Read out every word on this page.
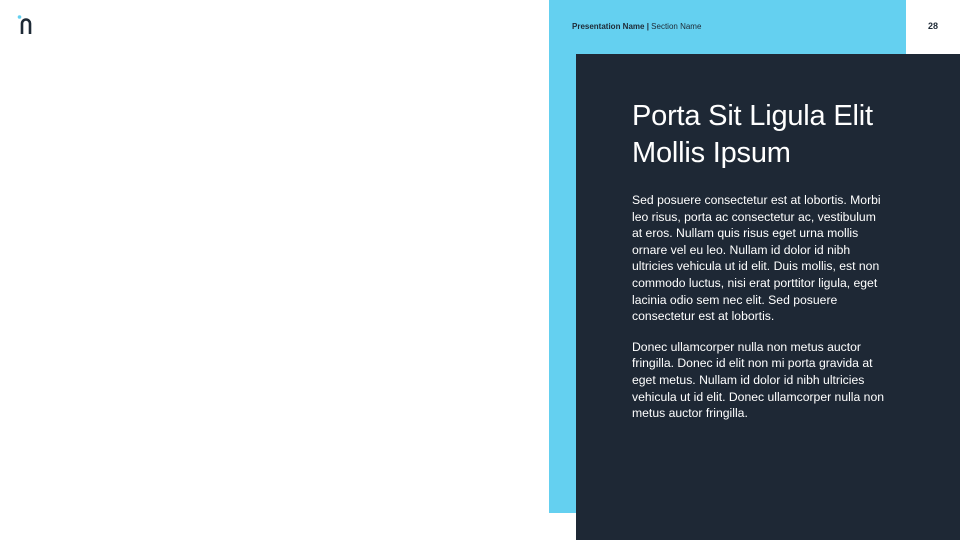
Presentation Name | Section Name	28
Porta Sit Ligula Elit Mollis Ipsum

Sed posuere consectetur est at lobortis. Morbi leo risus, porta ac consectetur ac, vestibulum at eros. Nullam quis risus eget urna mollis ornare vel eu leo. Nullam id dolor id nibh ultricies vehicula ut id elit. Duis mollis, est non commodo luctus, nisi erat porttitor ligula, eget lacinia odio sem nec elit. Sed posuere consectetur est at lobortis.

Donec ullamcorper nulla non metus auctor fringilla. Donec id elit non mi porta gravida at eget metus. Nullam id dolor id nibh ultricies vehicula ut id elit. Donec ullamcorper nulla non metus auctor fringilla.
